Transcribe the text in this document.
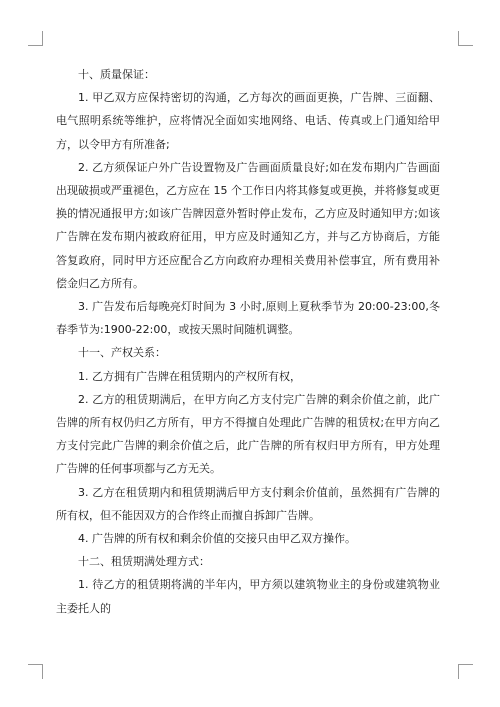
十、质量保证：

1. 甲乙双方应保持密切的沟通，乙方每次的画面更换，广告牌、三面翻、电气照明系统等维护，应将情况全面如实地网络、电话、传真或上门通知给甲方，以令甲方有所准备;

2. 乙方须保证户外广告设置物及广告画面质量良好;如在发布期内广告画面出现破损或严重褪色，乙方应在 15 个工作日内将其修复或更换，并将修复或更换的情况通报甲方;如该广告牌因意外暂时停止发布，乙方应及时通知甲方;如该广告牌在发布期内被政府征用，甲方应及时通知乙方，并与乙方协商后，方能答复政府，同时甲方还应配合乙方向政府办理相关费用补偿事宜，所有费用补偿金归乙方所有。

3. 广告发布后每晚亮灯时间为 3 小时,原则上夏秋季节为 20:00-23:00,冬春季节为:1900-22:00，或按天黑时间随机调整。

十一、产权关系：

1. 乙方拥有广告牌在租赁期内的产权所有权，

2. 乙方的租赁期满后，在甲方向乙方支付完广告牌的剩余价值之前，此广告牌的所有权仍归乙方所有，甲方不得擅自处理此广告牌的租赁权;在甲方向乙方支付完此广告牌的剩余价值之后，此广告牌的所有权归甲方所有，甲方处理广告牌的任何事项都与乙方无关。

3. 乙方在租赁期内和租赁期满后甲方支付剩余价值前，虽然拥有广告牌的所有权，但不能因双方的合作终止而擅自拆卸广告牌。

4. 广告牌的所有权和剩余价值的交接只由甲乙双方操作。

十二、租赁期满处理方式：

1. 待乙方的租赁期将满的半年内，甲方须以建筑物业主的身份或建筑物业主委托人的
